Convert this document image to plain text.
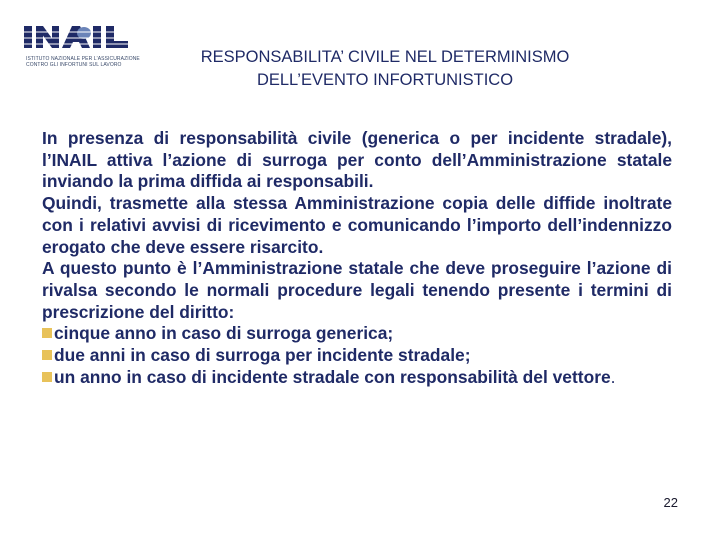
ISTITUTO NAZIONALE PER L'ASSICURAZIONE
CONTRO GLI INFORTUNI SUL LAVORO	RESPONSABILITA’ CIVILE NEL DETERMINISMO
DELL’EVENTO INFORTUNISTICO

In presenza di responsabilità civile (generica o per incidente stradale), l’INAIL attiva l’azione di surroga per conto dell’Amministrazione statale inviando la prima diffida ai responsabili.

Quindi, trasmette alla stessa Amministrazione copia delle diffide inoltrate con i relativi avvisi di ricevimento e comunicando l’importo dell’indennizzo erogato che deve essere risarcito.

A questo punto è l’Amministrazione statale che deve proseguire l’azione di rivalsa secondo le normali procedure legali tenendo presente i termini di prescrizione del diritto:

cinque anno in caso di surroga generica;
due anni in caso di surroga per incidente stradale;
un anno in caso di incidente stradale con responsabilità del vettore.
22
